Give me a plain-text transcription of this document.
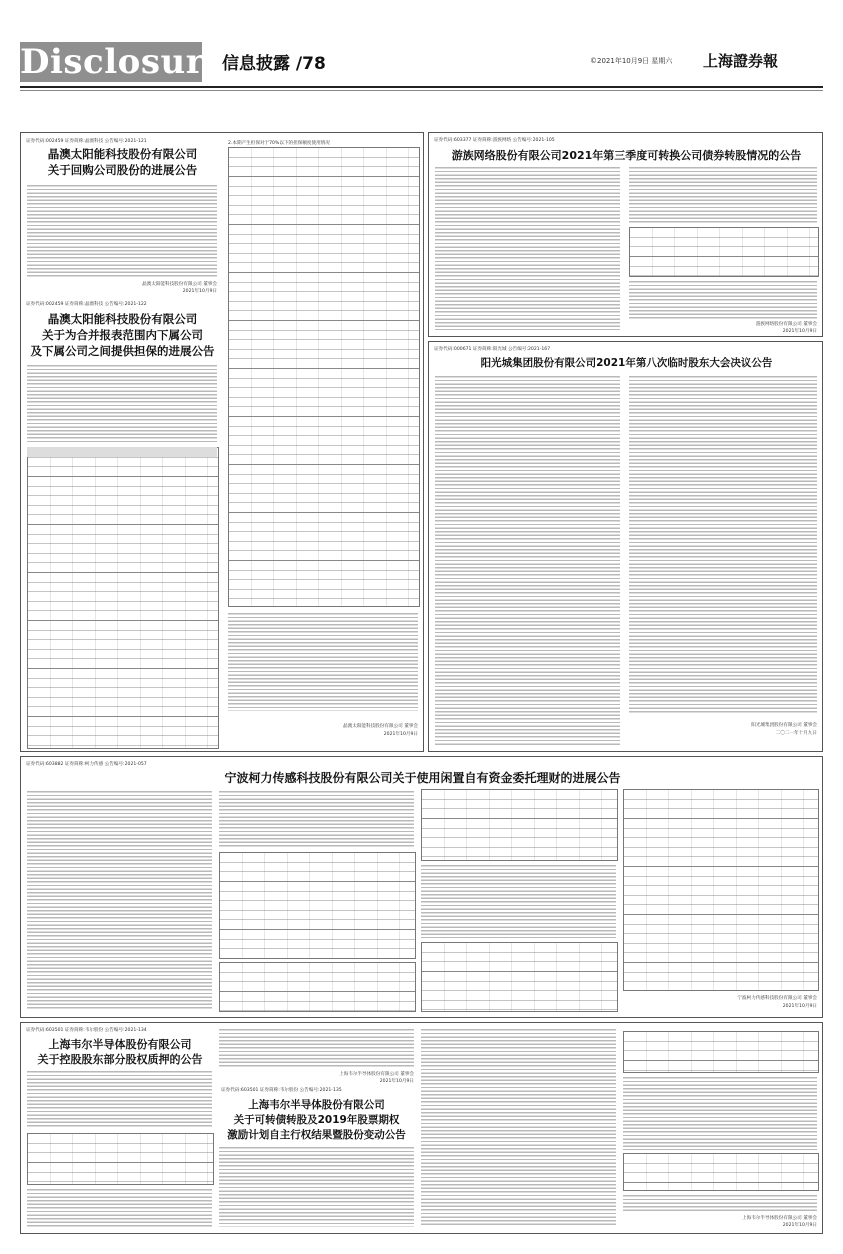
Disclosure
信息披露 /78	©2021年10月9日 星期六 上海證券報
证券代码:002459 证券简称:晶澳科技 公告编号:2021-121
晶澳太阳能科技股份有限公司
关于回购公司股份的进展公告
晶澳太阳能科技股份有限公司 董事会
2021年10月9日
证券代码:002459 证券简称:晶澳科技 公告编号:2021-122
晶澳太阳能科技股份有限公司
关于为合并报表范围内下属公司
及下属公司之间提供担保的进展公告
2.本期产生担保对于70%以下的担保额度使用情况
晶澳太阳能科技股份有限公司 董事会
2021年10月9日
证券代码:603377 证券简称:游族网络 公告编号:2021-105
游族网络股份有限公司2021年第三季度可转换公司债券转股情况的公告
游族网络股份有限公司 董事会
2021年10月9日
证券代码:000671 证券简称:阳光城 公告编号:2021-167
阳光城集团股份有限公司2021年第八次临时股东大会决议公告
阳光城集团股份有限公司 董事会
二〇二一年十月九日
证券代码:603882 证券简称:柯力传感 公告编号:2021-057
宁波柯力传感科技股份有限公司关于使用闲置自有资金委托理财的进展公告
宁波柯力传感科技股份有限公司 董事会
2021年10月9日
证券代码:603501 证券简称:韦尔股份 公告编号:2021-134
上海韦尔半导体股份有限公司
关于控股股东部分股权质押的公告
上海韦尔半导体股份有限公司 董事会
2021年10月9日
证券代码:603501 证券简称:韦尔股份 公告编号:2021-135
上海韦尔半导体股份有限公司
关于可转债转股及2019年股票期权
激励计划自主行权结果暨股份变动公告
上海韦尔半导体股份有限公司 董事会
2021年10月9日
